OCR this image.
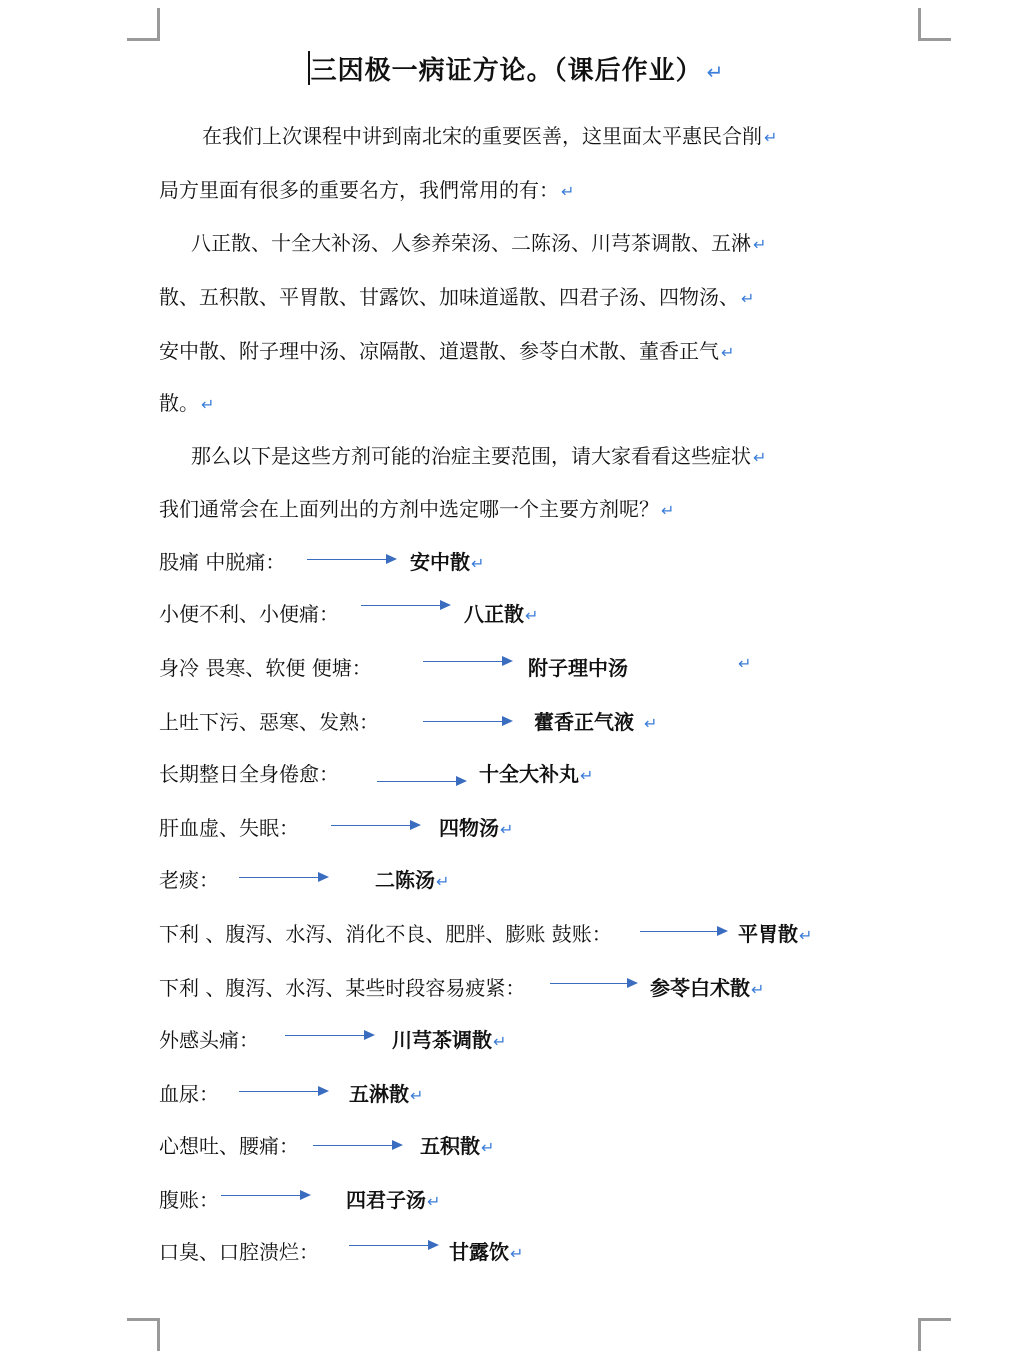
三因极一病证方论。（课后作业） ↵
在我们上次课程中讲到南北宋的重要医善，这里面太平惠民合削 ↵
局方里面有很多的重要名方，我們常用的有： ↵
八正散、十全大补汤、人参养荣汤、二陈汤、川芎茶调散、五淋 ↵
散、五积散、平胃散、甘露饮、加味道遥散、四君子汤、四物汤、 ↵
安中散、附子理中汤、凉隔散、道還散、参苓白术散、董香正气 ↵
散。 ↵
那么以下是这些方剂可能的治症主要范围，请大家看看这些症状 ↵
我们通常会在上面列出的方剂中选定哪一个主要方剂呢？ ↵
股痛 中脱痛：	安中散↵
小便不利、小便痛：	八正散↵
身冷 畏寒、软便 便塘：	附子理中汤	↵
上吐下污、惡寒、发熟：	藿香正气液 ↵
长期整日全身倦愈：	十全大补丸↵
肝血虚、失眠：	四物汤↵
老痰：	二陈汤↵
下利 、腹泻、水泻、消化不良、肥胖、膨账 鼓账：	平胃散↵
下利 、腹泻、水泻、某些时段容易疲紧：	参苓白术散↵
外感头痛：	川芎茶调散↵
血尿：	五淋散↵
心想吐、腰痛：	五积散↵
腹账：	四君子汤↵
口臭、口腔溃烂：	甘露饮↵
